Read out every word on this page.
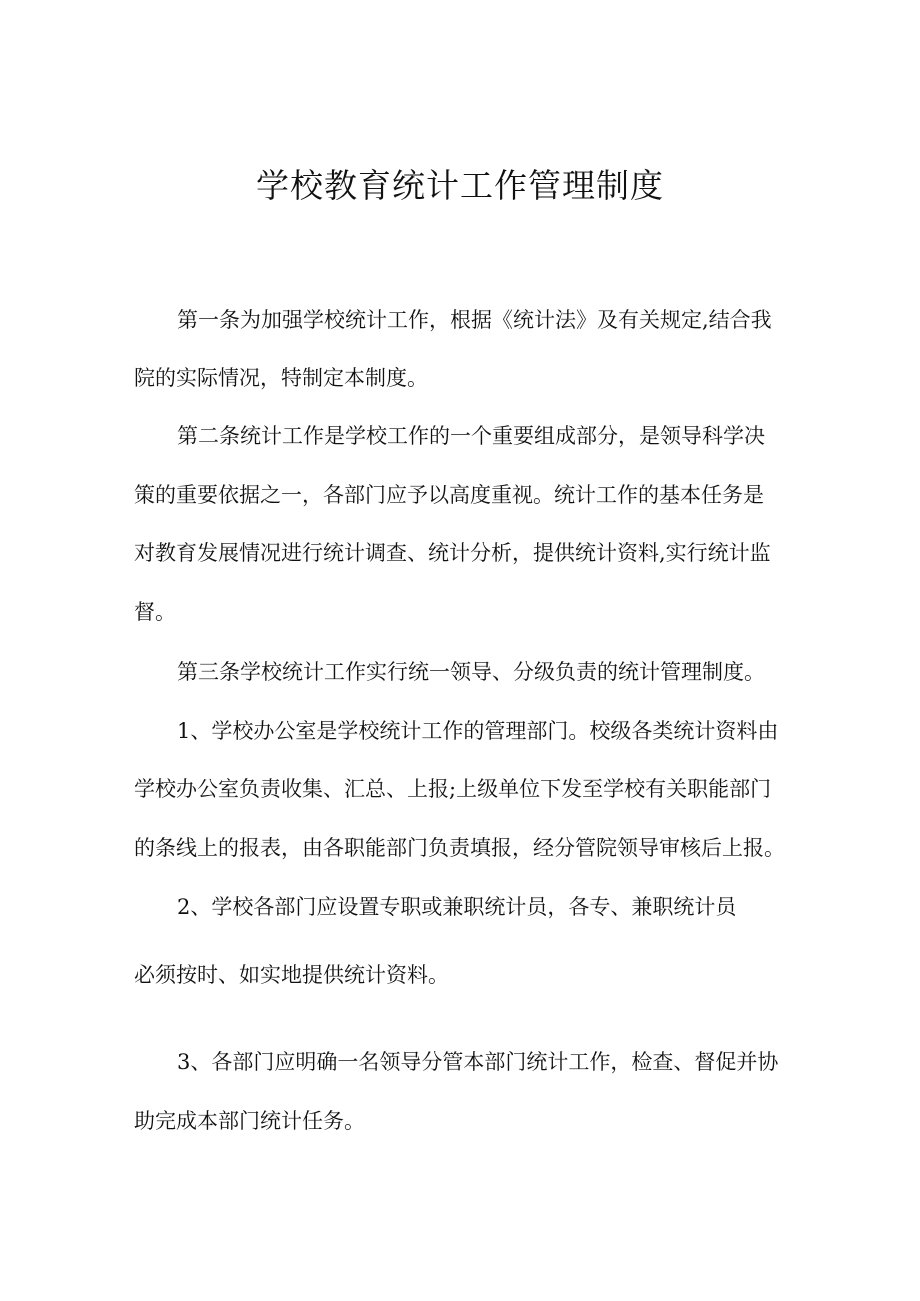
学校教育统计工作管理制度
第一条为加强学校统计工作，根据《统计法》及有关规定,结合我
院的实际情况，特制定本制度。
第二条统计工作是学校工作的一个重要组成部分，是领导科学决
策的重要依据之一，各部门应予以高度重视。统计工作的基本任务是
对教育发展情况进行统计调查、统计分析，提供统计资料,实行统计监
督。
第三条学校统计工作实行统一领导、分级负责的统计管理制度。
1、学校办公室是学校统计工作的管理部门。校级各类统计资料由
学校办公室负责收集、汇总、上报;上级单位下发至学校有关职能部门
的条线上的报表，由各职能部门负责填报，经分管院领导审核后上报。
2、学校各部门应设置专职或兼职统计员，各专、兼职统计员
必须按时、如实地提供统计资料。
3、各部门应明确一名领导分管本部门统计工作，检查、督促并协
助完成本部门统计任务。
